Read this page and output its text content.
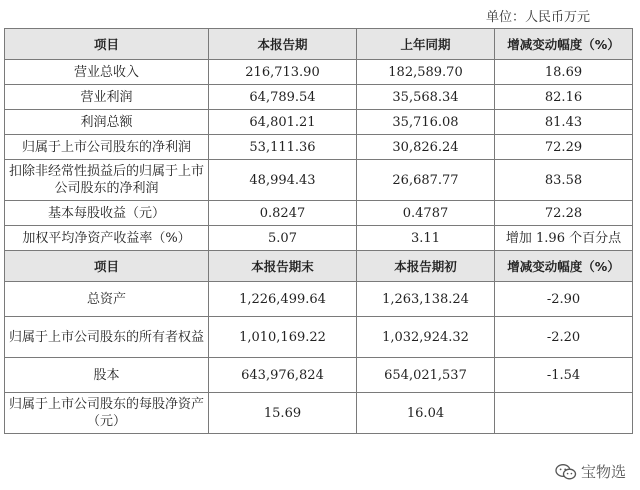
单位：人民币万元
项目	本报告期	上年同期	增减变动幅度（%）
营业总收入	216,713.90	182,589.70	18.69
营业利润	64,789.54	35,568.34	82.16
利润总额	64,801.21	35,716.08	81.43
归属于上市公司股东的净利润	53,111.36	30,826.24	72.29
扣除非经常性损益后的归属于上市公司股东的净利润	48,994.43	26,687.77	83.58
基本每股收益（元）	0.8247	0.4787	72.28
加权平均净资产收益率（%）	5.07	3.11	增加 1.96 个百分点
项目	本报告期末	本报告期初	增减变动幅度（%）
总资产	1,226,499.64	1,263,138.24	-2.90
归属于上市公司股东的所有者权益	1,010,169.22	1,032,924.32	-2.20
股本	643,976,824	654,021,537	-1.54
归属于上市公司股东的每股净资产（元）	15.69	16.04	
宝物选
